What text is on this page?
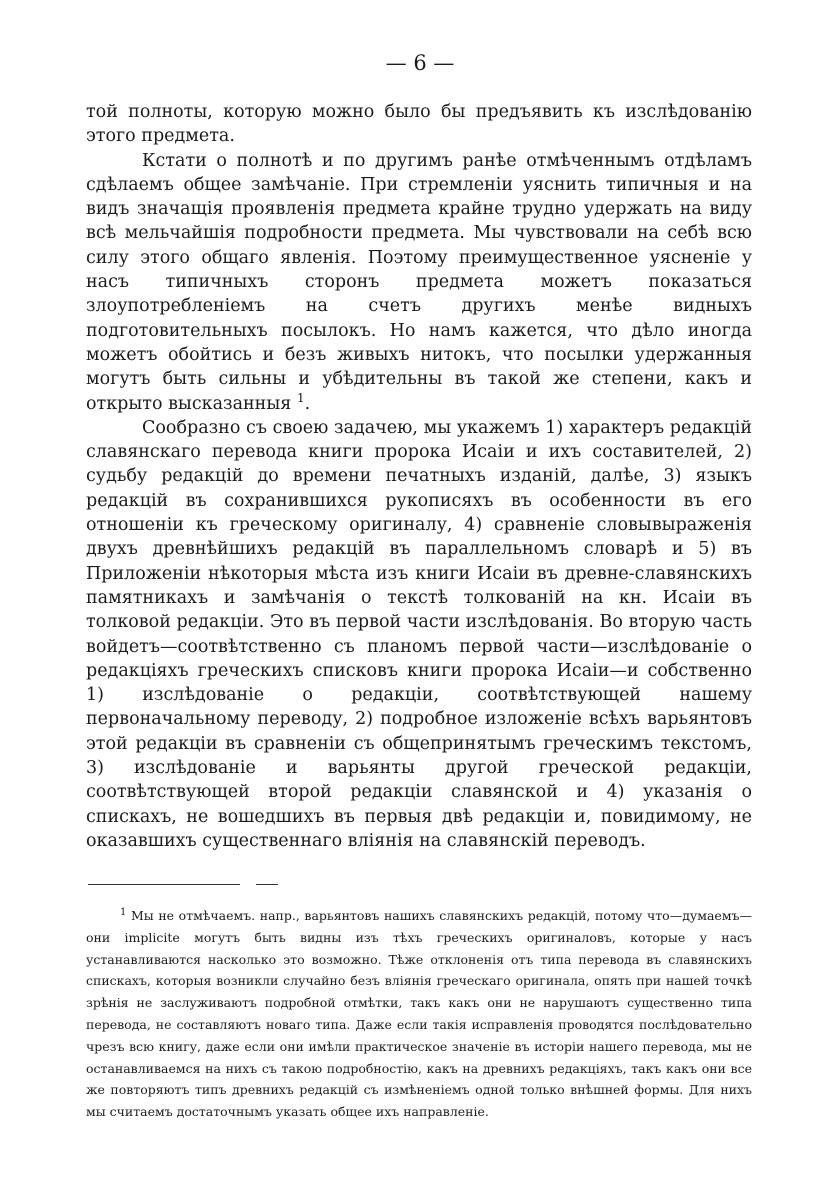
— 6 —

той полноты, которую можно было бы предъявить къ изслѣдованію этого предмета.

Кстати о полнотѣ и по другимъ ранѣе отмѣченнымъ отдѣламъ сдѣлаемъ общее замѣчаніе. При стремленіи уяснить типичныя и на видъ значащія проявленія предмета крайне трудно удержать на виду всѣ мельчайшія подробности предмета. Мы чувствовали на себѣ всю силу этого общаго явленія. Поэтому преимущественное уясненіе у насъ типичныхъ сторонъ предмета можетъ показаться злоупотребленіемъ на счетъ другихъ менѣе видныхъ подготовительныхъ посылокъ. Но намъ кажется, что дѣло иногда можетъ обойтись и безъ живыхъ нитокъ, что посылки удержанныя могутъ быть сильны и убѣдительны въ такой же степени, какъ и открыто высказанныя $^1$.

Сообразно съ своею задачею, мы укажемъ 1) характеръ редакцій славянскаго перевода книги пророка Исаіи и ихъ составителей, 2) судьбу редакцій до времени печатныхъ изданій, далѣе, 3) языкъ редакцій въ сохранившихся рукописяхъ въ особенности въ его отношеніи къ греческому оригиналу, 4) сравненіе словывыраженія двухъ древнѣйшихъ редакцій въ параллельномъ словарѣ и 5) въ Приложеніи нѣкоторыя мѣста изъ книги Исаіи въ древне-славянскихъ памятникахъ и замѣчанія о текстѣ толкованій на кн. Исаіи въ толковой редакціи. Это въ первой части изслѣдованія. Во вторую часть войдетъ—соотвѣтственно съ планомъ первой части—изслѣдованіе о редакціяхъ греческихъ списковъ книги пророка Исаіи—и собственно 1) изслѣдованіе о редакціи, соотвѣтствующей нашему первоначальному переводу, 2) подробное изложеніе всѣхъ варьянтовъ этой редакціи въ сравненіи съ общепринятымъ греческимъ текстомъ, 3) изслѣдованіе и варьянты другой греческой редакціи, соотвѣтствующей второй редакціи славянской и 4) указанія о спискахъ, не вошедшихъ въ первыя двѣ редакціи и, повидимому, не оказавшихъ существеннаго вліянія на славянскій переводъ.

$^1$ Мы не отмѣчаемъ. напр., варьянтовъ нашихъ славянскихъ редакцій, потому что—думаемъ—они implicite могутъ быть видны изъ тѣхъ греческихъ оригиналовъ, которые у насъ устанавливаются насколько это возможно. Тѣже отклоненія отъ типа перевода въ славянскихъ спискахъ, которыя возникли случайно безъ вліянія греческаго оригинала, опять при нашей точкѣ зрѣнія не заслуживаютъ подробной отмѣтки, такъ какъ они не нарушаютъ существенно типа перевода, не составляютъ новаго типа. Даже если такія исправленія проводятся послѣдовательно чрезъ всю книгу, даже если они имѣли практическое значеніе въ исторіи нашего перевода, мы не останавливаемся на нихъ съ такою подробностію, какъ на древнихъ редакціяхъ, такъ какъ они все же повторяютъ типъ древнихъ редакцій съ измѣненіемъ одной только внѣшней формы. Для нихъ мы считаемъ достаточнымъ указать общее ихъ направленіе.
